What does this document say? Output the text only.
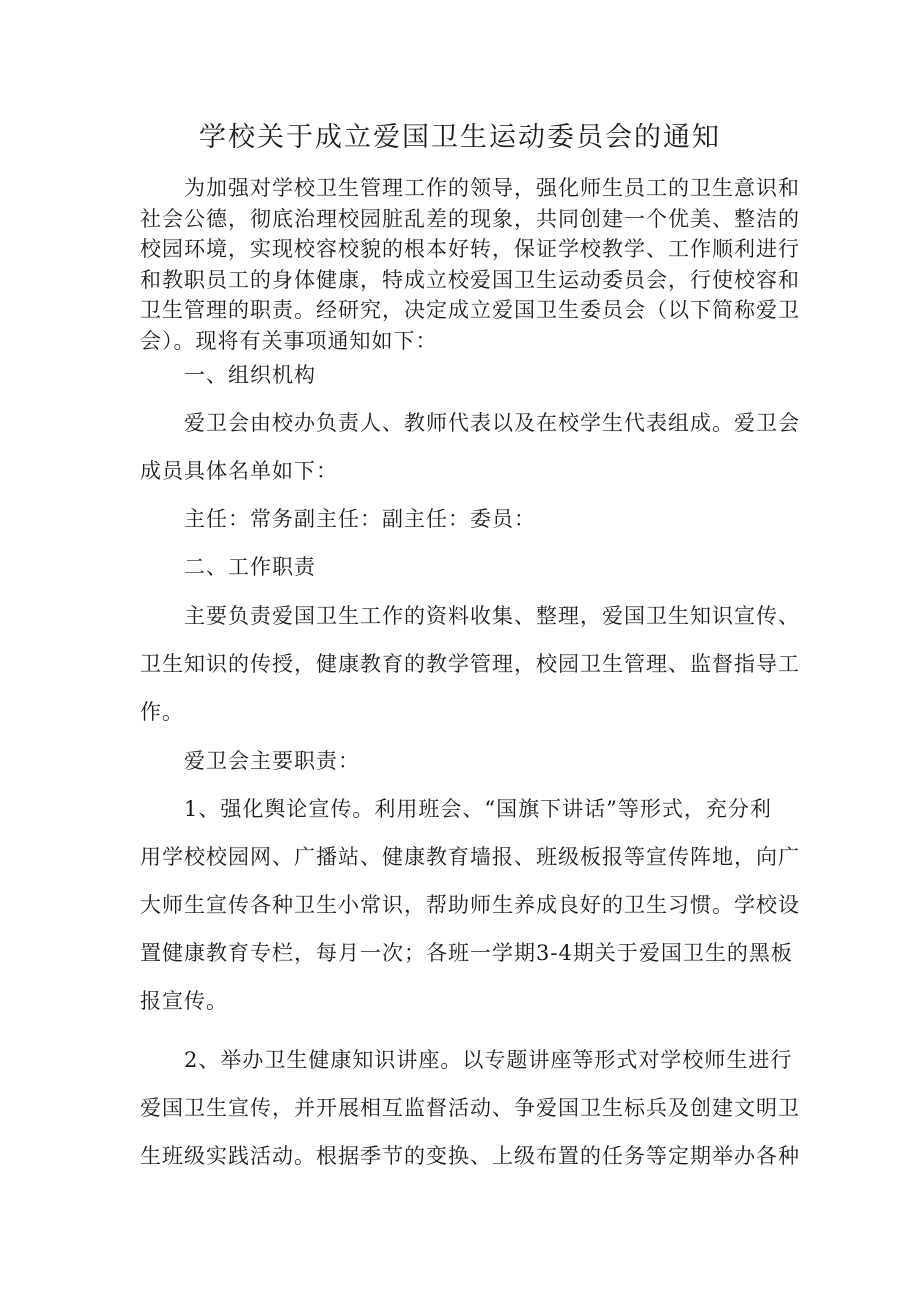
学校关于成立爱国卫生运动委员会的通知

为加强对学校卫生管理工作的领导，强化师生员工的卫生意识和
社会公德，彻底治理校园脏乱差的现象，共同创建一个优美、整洁的
校园环境，实现校容校貌的根本好转，保证学校教学、工作顺利进行
和教职员工的身体健康，特成立校爱国卫生运动委员会，行使校容和
卫生管理的职责。经研究，决定成立爱国卫生委员会（以下简称爱卫
会）。现将有关事项通知如下：

一、组织机构

爱卫会由校办负责人、教师代表以及在校学生代表组成。爱卫会
成员具体名单如下：

主任：常务副主任：副主任：委员：

二、工作职责

主要负责爱国卫生工作的资料收集、整理，爱国卫生知识宣传、
卫生知识的传授，健康教育的教学管理，校园卫生管理、监督指导工
作。

爱卫会主要职责：

1、强化舆论宣传。利用班会、“国旗下讲话”等形式，充分利
用学校校园网、广播站、健康教育墙报、班级板报等宣传阵地，向广
大师生宣传各种卫生小常识，帮助师生养成良好的卫生习惯。学校设
置健康教育专栏，每月一次；各班一学期3-4期关于爱国卫生的黑板
报宣传。

2、举办卫生健康知识讲座。以专题讲座等形式对学校师生进行
爱国卫生宣传，并开展相互监督活动、争爱国卫生标兵及创建文明卫
生班级实践活动。根据季节的变换、上级布置的任务等定期举办各种
